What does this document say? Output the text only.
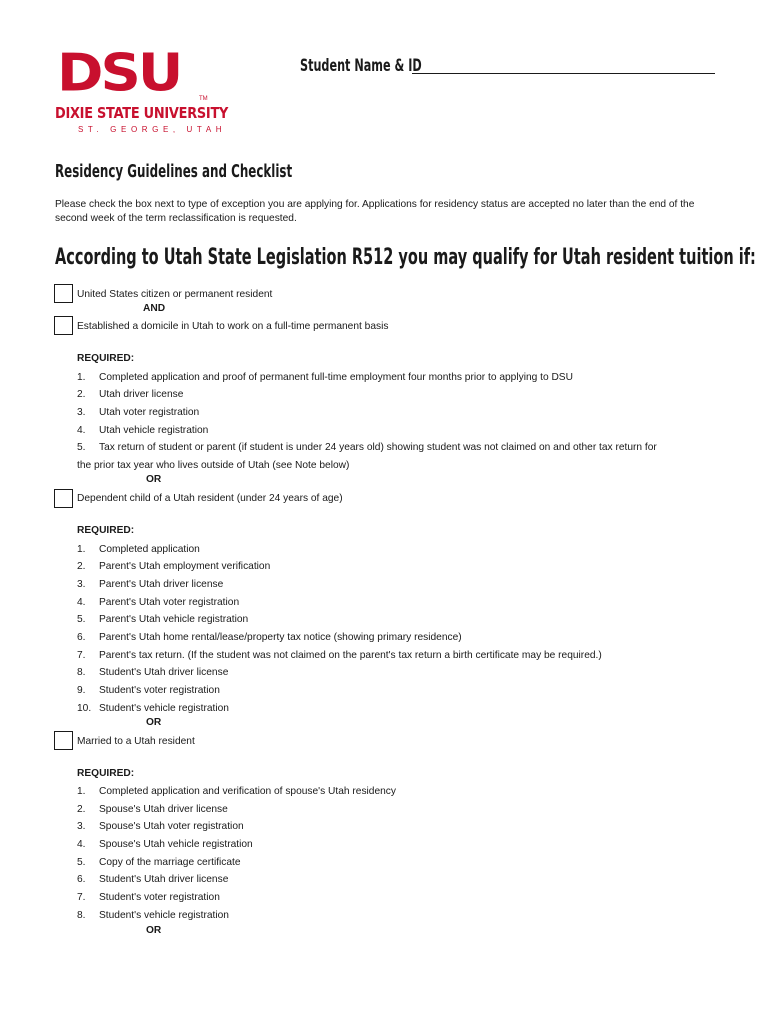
DSU	TM
DIXIE STATE UNIVERSITY
ST. GEORGE, UTAH
Student Name & ID
Residency Guidelines and Checklist
Please check the box next to type of exception you are applying for. Applications for residency status are accepted no later than the end of the second week of the term reclassification is requested.
According to Utah State Legislation R512 you may qualify for Utah resident tuition if:
United States citizen or permanent resident
AND
Established a domicile in Utah to work on a full-time permanent basis
REQUIRED:
1. Completed application and proof of permanent full-time employment four months prior to applying to DSU
2. Utah driver license
3. Utah voter registration
4. Utah vehicle registration
5. Tax return of student or parent (if student is under 24 years old) showing student was not claimed on and other tax return for
the prior tax year who lives outside of Utah (see Note below)
OR
Dependent child of a Utah resident (under 24 years of age)
REQUIRED:
1. Completed application
2. Parent's Utah employment verification
3. Parent's Utah driver license
4. Parent's Utah voter registration
5. Parent's Utah vehicle registration
6. Parent's Utah home rental/lease/property tax notice (showing primary residence)
7. Parent's tax return. (If the student was not claimed on the parent's tax return a birth certificate may be required.)
8. Student's Utah driver license
9. Student's voter registration
10. Student's vehicle registration
OR
Married to a Utah resident
REQUIRED:
1. Completed application and verification of spouse's Utah residency
2. Spouse's Utah driver license
3. Spouse's Utah voter registration
4. Spouse's Utah vehicle registration
5. Copy of the marriage certificate
6. Student's Utah driver license
7. Student's voter registration
8. Student's vehicle registration
OR
